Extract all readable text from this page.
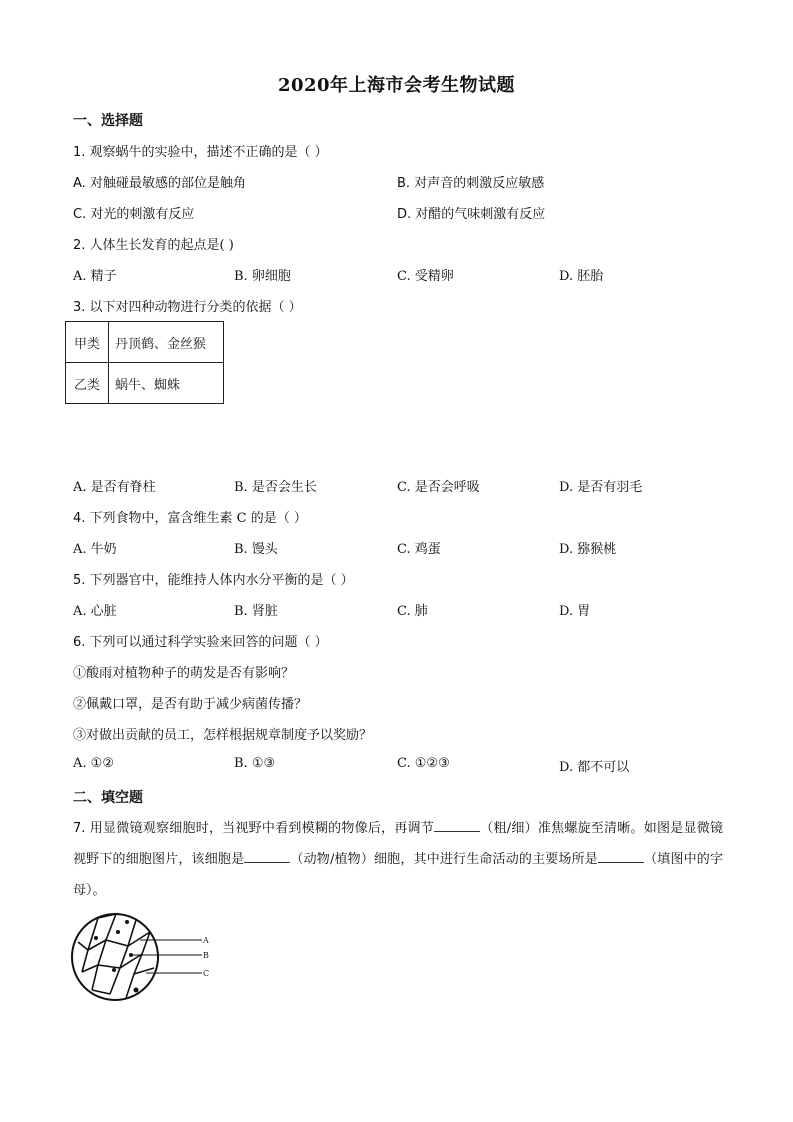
2020年上海市会考生物试题
一、选择题
1. 观察蜗牛的实验中，描述不正确的是（ ）
A. 对触碰最敏感的部位是触角	B. 对声音的刺激反应敏感
C. 对光的刺激有反应	D. 对醋的气味刺激有反应
2. 人体生长发育的起点是( )
A. 精子	B. 卵细胞	C. 受精卵	D. 胚胎
3. 以下对四种动物进行分类的依据（ ）
甲类	丹顶鹤、金丝猴
乙类	蜗牛、蜘蛛
A. 是否有脊柱	B. 是否会生长	C. 是否会呼吸	D. 是否有羽毛
4. 下列食物中，富含维生素 C 的是（ ）
A. 牛奶	B. 馒头	C. 鸡蛋	D. 猕猴桃
5. 下列器官中，能维持人体内水分平衡的是（ ）
A. 心脏	B. 肾脏	C. 肺	D. 胃
6. 下列可以通过科学实验来回答的问题（ ）
①酸雨对植物种子的萌发是否有影响？
②佩戴口罩，是否有助于减少病菌传播？
③对做出贡献的员工，怎样根据规章制度予以奖励？
A. ①②	B. ①③	C. ①②③	D. 都不可以
二、填空题
7. 用显微镜观察细胞时，当视野中看到模糊的物像后，再调节	（粗/细）准焦螺旋至清晰。如图是显微镜视野下的细胞图片，该细胞是	（动物/植物）细胞，其中进行生命活动的主要场所是	（填图中的字母）。
A
B
C
